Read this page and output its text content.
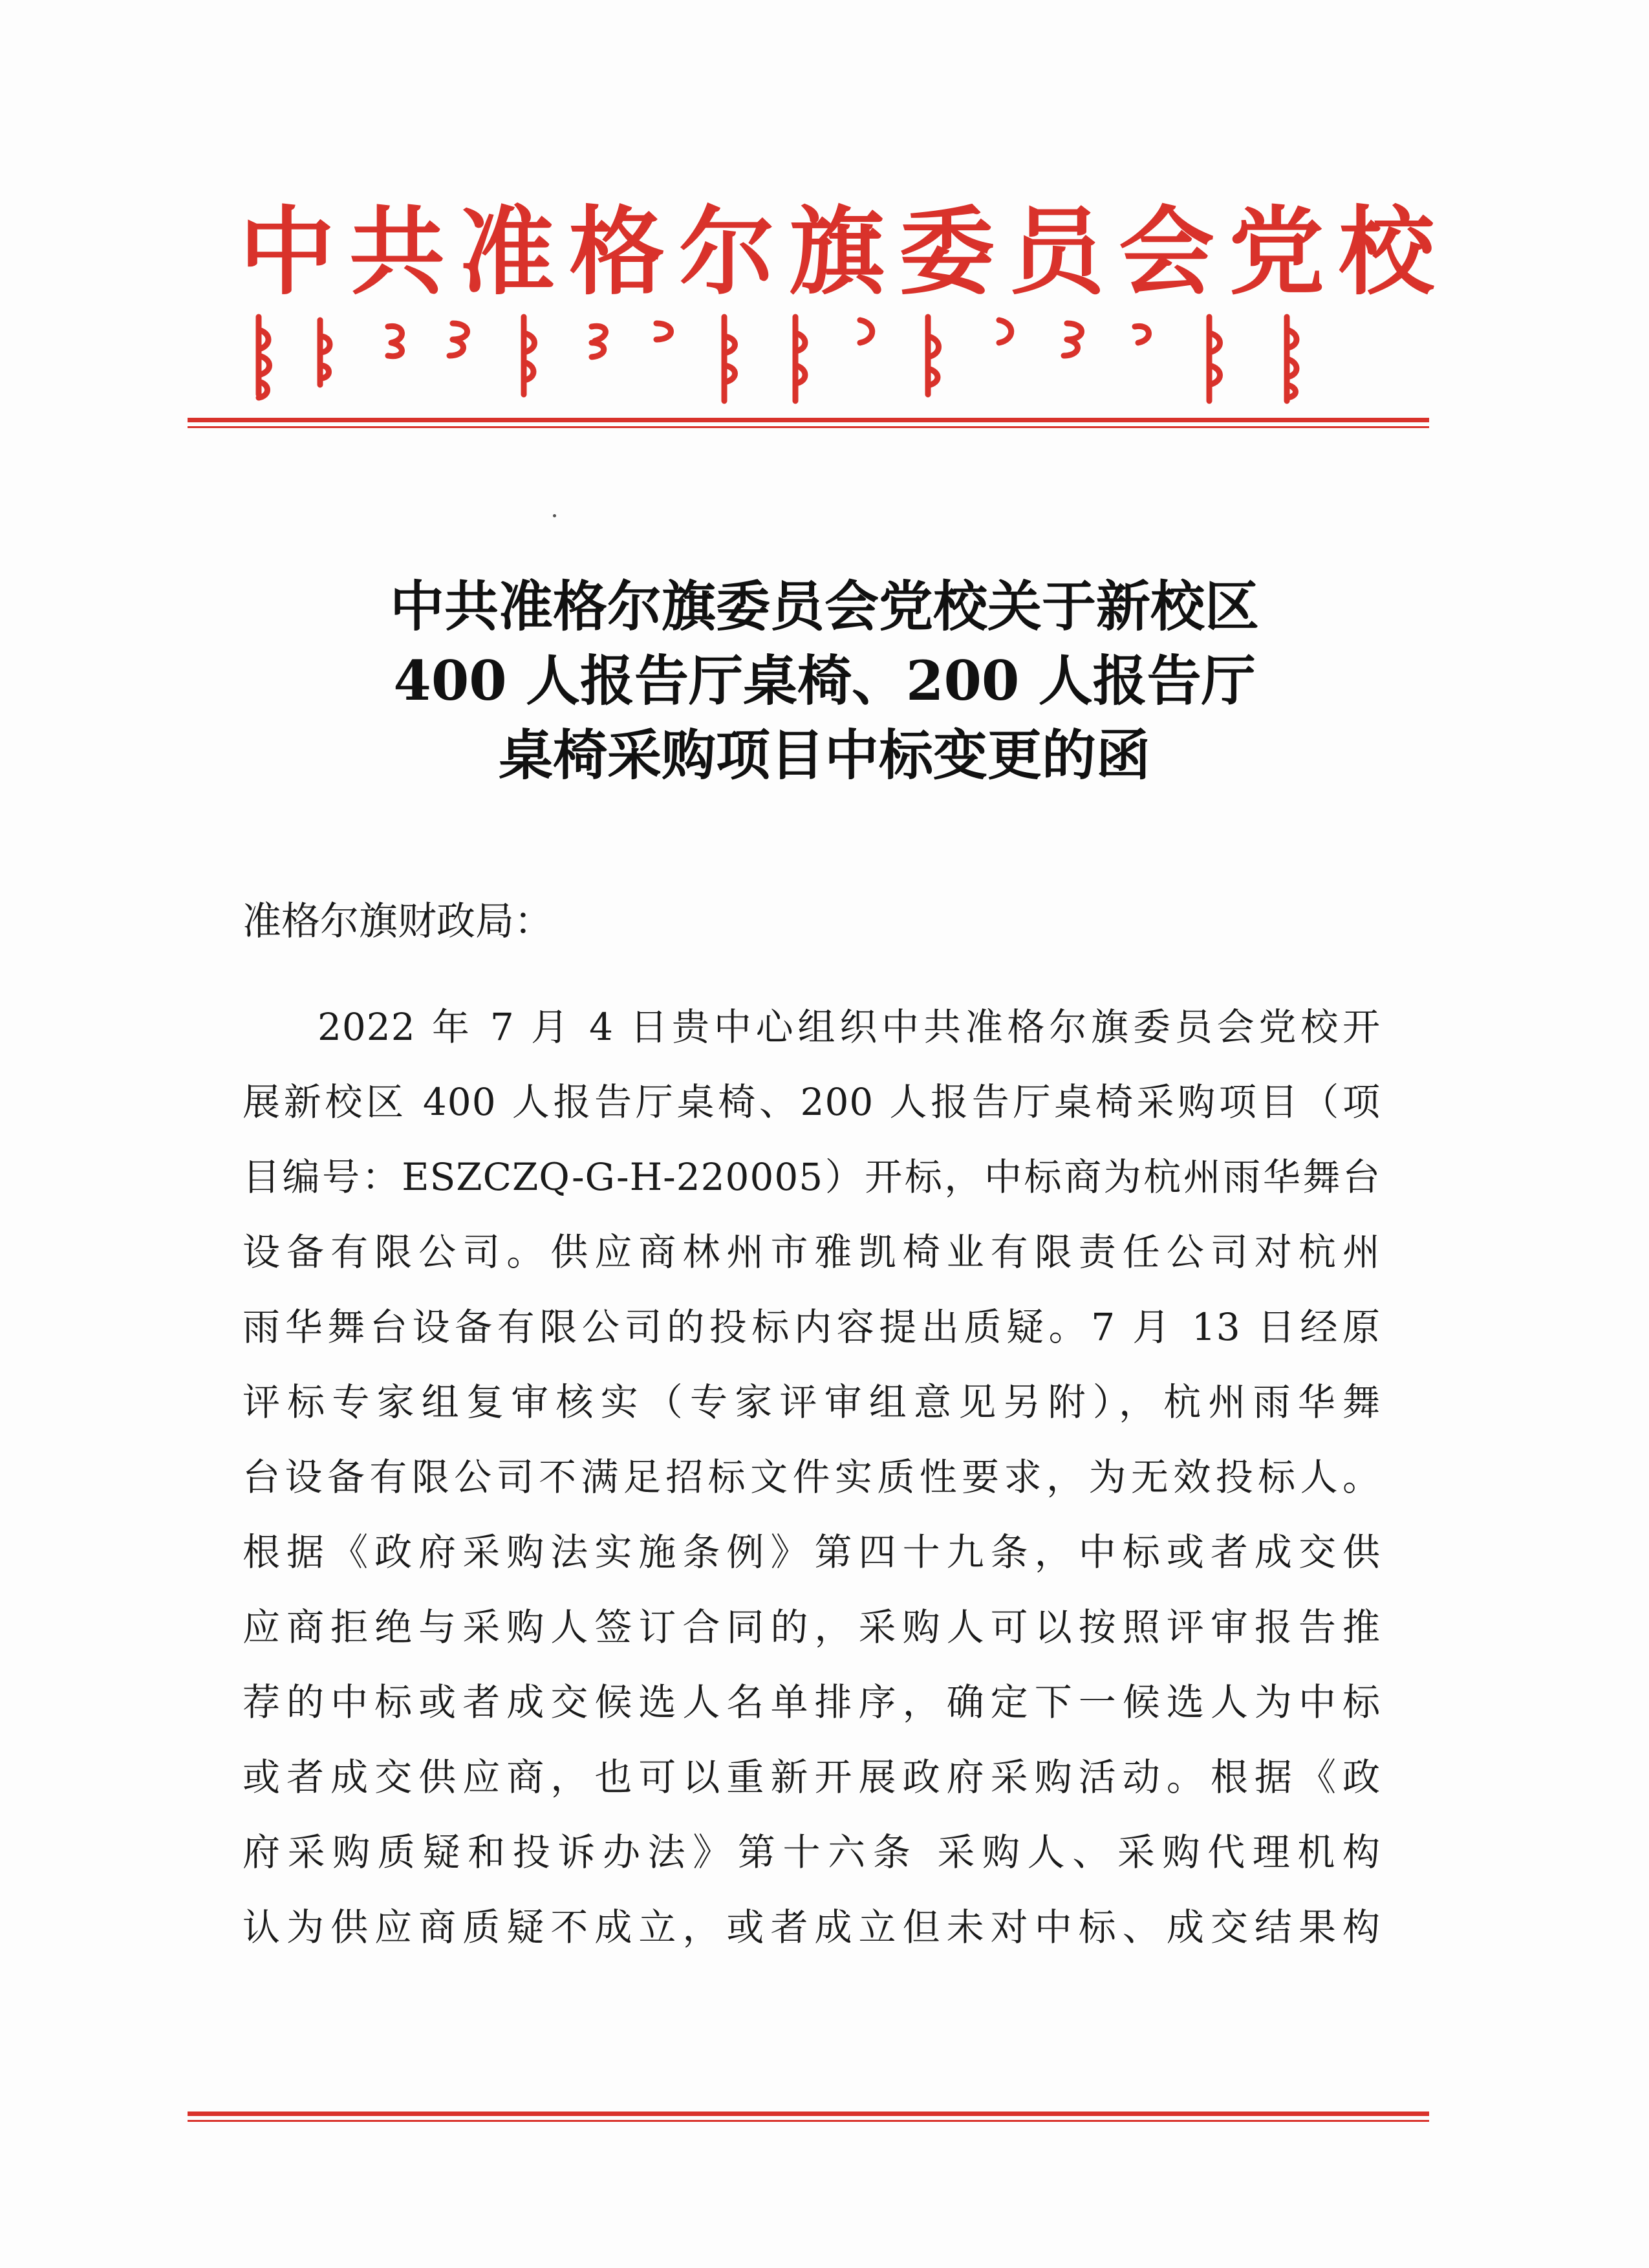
中共准格尔旗委员会党校
中共准格尔旗委员会党校关于新校区
400 人报告厅桌椅、200 人报告厅
桌椅采购项目中标变更的函
准格尔旗财政局：
2022 年 7 月 4 日贵中心组织中共准格尔旗委员会党校开
展新校区 400 人报告厅桌椅、200 人报告厅桌椅采购项目（项
目编号：ESZCZQ-G-H-220005）开标，中标商为杭州雨华舞台
设备有限公司。供应商林州市雅凯椅业有限责任公司对杭州
雨华舞台设备有限公司的投标内容提出质疑。7 月 13 日经原
评标专家组复审核实（专家评审组意见另附），杭州雨华舞
台设备有限公司不满足招标文件实质性要求，为无效投标人。
根据《政府采购法实施条例》第四十九条，中标或者成交供
应商拒绝与采购人签订合同的，采购人可以按照评审报告推
荐的中标或者成交候选人名单排序，确定下一候选人为中标
或者成交供应商，也可以重新开展政府采购活动。根据《政
府采购质疑和投诉办法》第十六条 采购人、采购代理机构
认为供应商质疑不成立，或者成立但未对中标、成交结果构
